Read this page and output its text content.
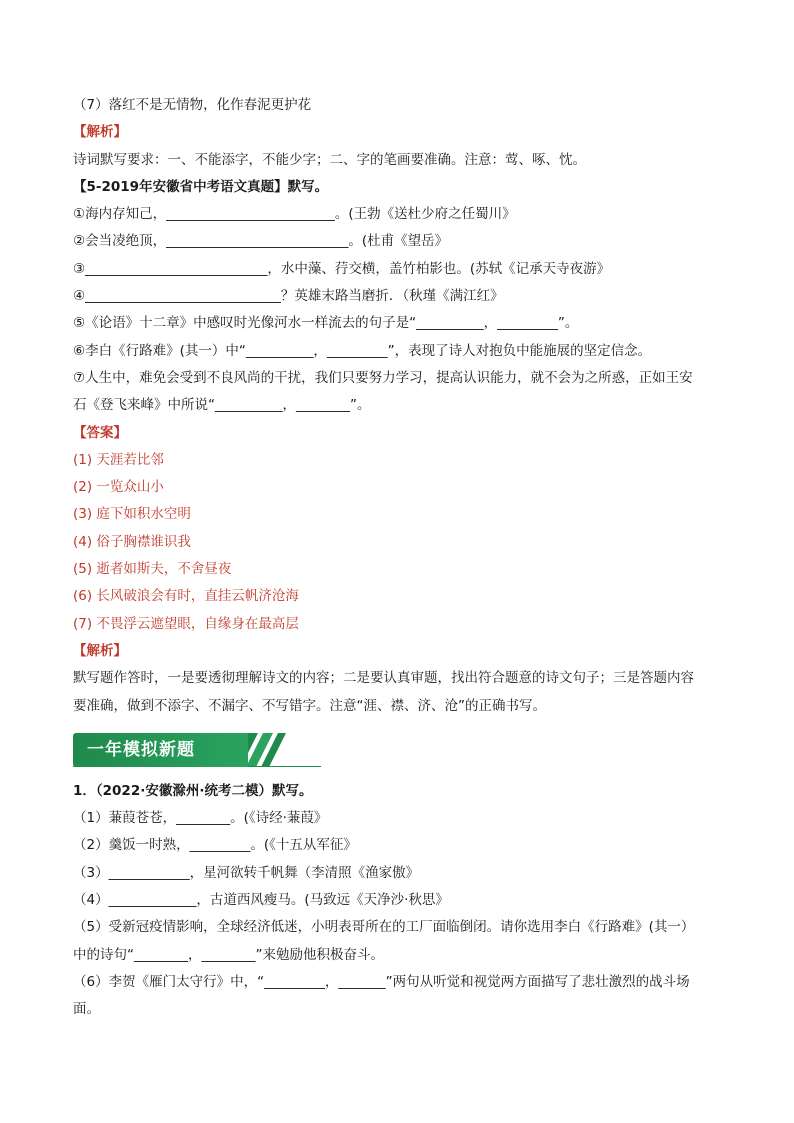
（7）落红不是无情物，化作春泥更护花
【解析】
诗词默写要求：一、不能添字，不能少字；二、字的笔画要准确。注意：莺、啄、忱。
【5-2019年安徽省中考语文真题】默写。
①海内存知己，_________________________。(王勃《送杜少府之任蜀川》
②会当凌绝顶，___________________________。(杜甫《望岳》
③___________________________，水中藻、荇交横，盖竹柏影也。(苏轼《记承天寺夜游》
④_____________________________？英雄末路当磨折．（秋瑾《满江红》
⑤《论语》十二章》中感叹时光像河水一样流去的句子是“__________，_________”。
⑥李白《行路难》(其一）中“__________，_________”，表现了诗人对抱负中能施展的坚定信念。
⑦人生中，难免会受到不良风尚的干扰，我们只要努力学习，提高认识能力，就不会为之所惑，正如王安
石《登飞来峰》中所说“__________，________”。
【答案】
(1) 天涯若比邻
(2) 一览众山小
(3) 庭下如积水空明
(4) 俗子胸襟谁识我
(5) 逝者如斯夫，不舍昼夜
(6) 长风破浪会有时，直挂云帆济沧海
(7) 不畏浮云遮望眼，自缘身在最高层
【解析】
默写题作答时，一是要透彻理解诗文的内容；二是要认真审题，找出符合题意的诗文句子；三是答题内容
要准确，做到不添字、不漏字、不写错字。注意“涯、襟、济、沧”的正确书写。
一年模拟新题
1．（2022·安徽滁州·统考二模）默写。
（1）蒹葭苍苍，________。(《诗经·蒹葭》
（2）羹饭一时熟，_________。(《十五从军征》
（3）____________，星河欲转千帆舞（李清照《渔家傲》
（4）_____________，古道西风瘦马。(马致远《天净沙·秋思》
（5）受新冠疫情影响，全球经济低迷，小明表哥所在的工厂面临倒闭。请你选用李白《行路难》(其一）
中的诗句“________，________”来勉励他积极奋斗。
（6）李贺《雁门太守行》中，“_________，_______”两句从听觉和视觉两方面描写了悲壮激烈的战斗场
面。
